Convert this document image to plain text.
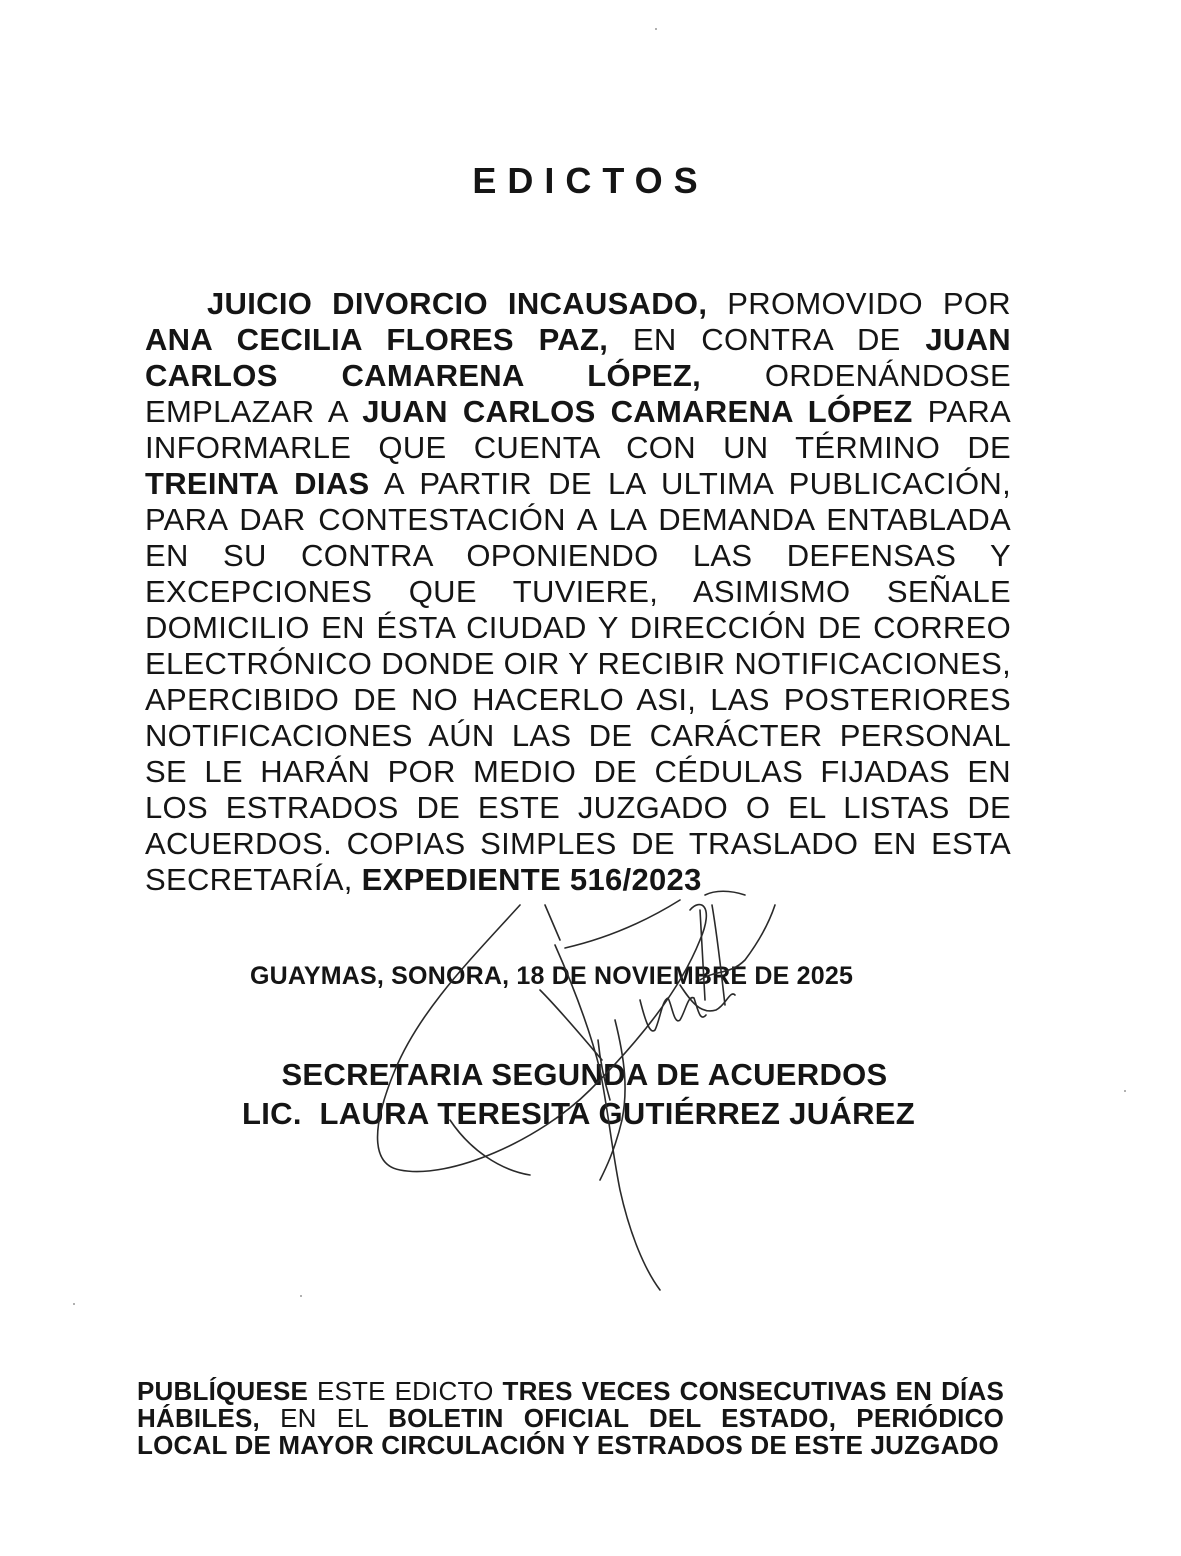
EDICTOS
JUICIO DIVORCIO INCAUSADO, PROMOVIDO POR ANA CECILIA FLORES PAZ, EN CONTRA DE JUAN CARLOS CAMARENA LÓPEZ, ORDENÁNDOSE EMPLAZAR A JUAN CARLOS CAMARENA LÓPEZ PARA INFORMARLE QUE CUENTA CON UN TÉRMINO DE TREINTA DIAS A PARTIR DE LA ULTIMA PUBLICACIÓN, PARA DAR CONTESTACIÓN A LA DEMANDA ENTABLADA EN SU CONTRA OPONIENDO LAS DEFENSAS Y EXCEPCIONES QUE TUVIERE, ASIMISMO SEÑALE DOMICILIO EN ÉSTA CIUDAD Y DIRECCIÓN DE CORREO ELECTRÓNICO DONDE OIR Y RECIBIR NOTIFICACIONES, APERCIBIDO DE NO HACERLO ASI, LAS POSTERIORES NOTIFICACIONES AÚN LAS DE CARÁCTER PERSONAL SE LE HARÁN POR MEDIO DE CÉDULAS FIJADAS EN LOS ESTRADOS DE ESTE JUZGADO O EL LISTAS DE ACUERDOS. COPIAS SIMPLES DE TRASLADO EN ESTA SECRETARÍA, EXPEDIENTE 516/2023
GUAYMAS, SONORA, 18 DE NOVIEMBRE DE 2025
SECRETARIA SEGUNDA DE ACUERDOS
LIC.  LAURA TERESITA GUTIÉRREZ JUÁREZ
PUBLÍQUESE ESTE EDICTO TRES VECES CONSECUTIVAS EN DÍAS HÁBILES, EN EL BOLETIN OFICIAL DEL ESTADO, PERIÓDICO LOCAL DE MAYOR CIRCULACIÓN Y ESTRADOS DE ESTE JUZGADO
